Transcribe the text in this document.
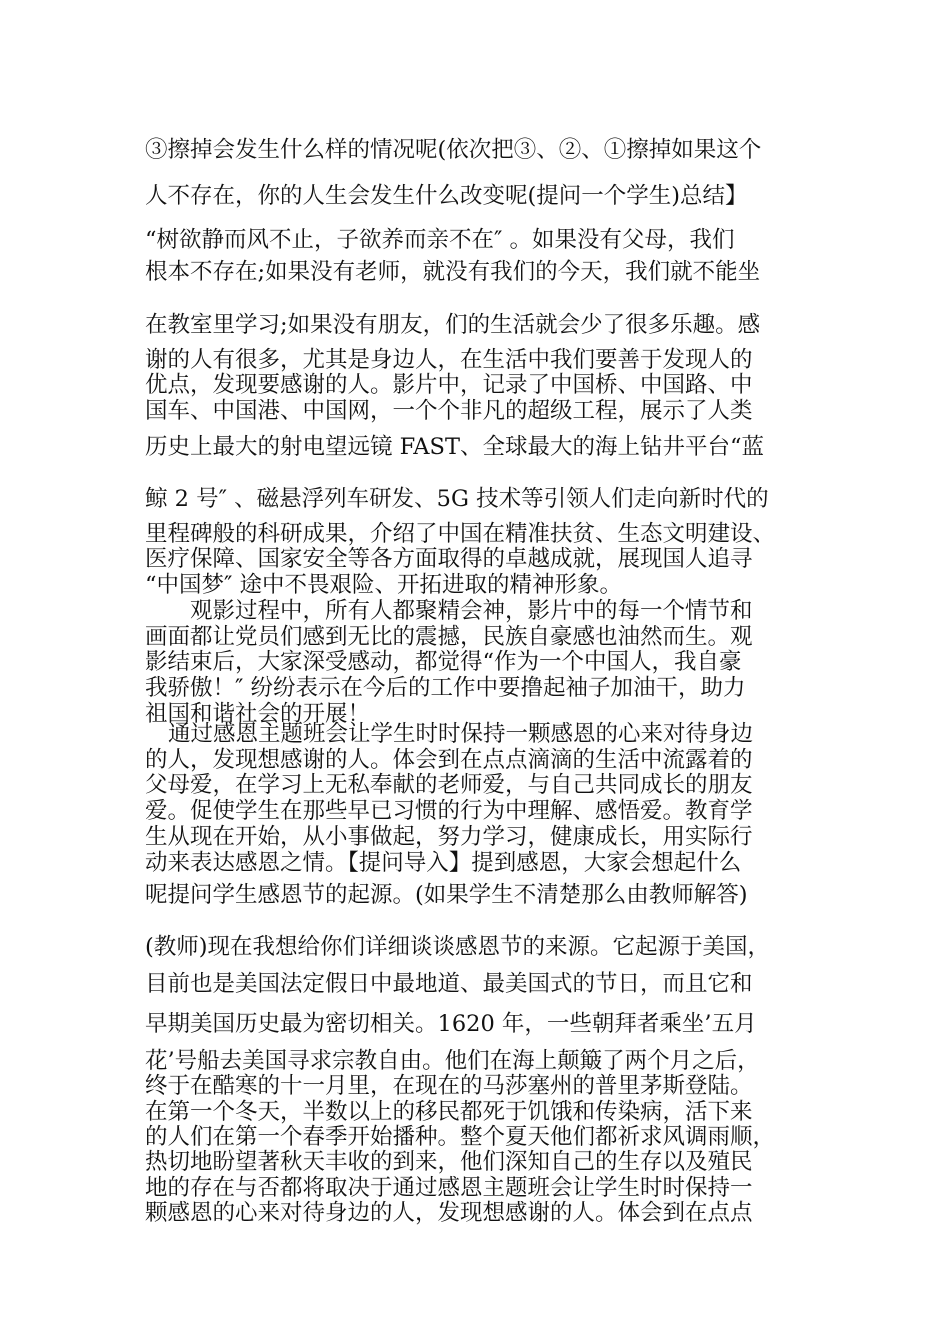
③擦掉会发生什么样的情况呢(依次把③、②、①擦掉如果这个

人不存在，你的人生会发生什么改变呢(提问一个学生)总结】

“树欲静而风不止，子欲养而亲不在″ 。如果没有父母，我们

根本不存在;如果没有老师，就没有我们的今天，我们就不能坐

在教室里学习;如果没有朋友，们的生活就会少了很多乐趣。感

谢的人有很多，尤其是身边人，在生活中我们要善于发现人的

优点，发现要感谢的人。影片中，记录了中国桥、中国路、中

国车、中国港、中国网，一个个非凡的超级工程，展示了人类

历史上最大的射电望远镜 FAST、全球最大的海上钻井平台“蓝

鲸 2 号″ 、磁悬浮列车研发、5G 技术等引领人们走向新时代的

里程碑般的科研成果，介绍了中国在精准扶贫、生态文明建设、

医疗保障、国家安全等各方面取得的卓越成就，展现国人追寻

“中国梦″ 途中不畏艰险、开拓进取的精神形象。

观影过程中，所有人都聚精会神，影片中的每一个情节和

画面都让党员们感到无比的震撼，民族自豪感也油然而生。观

影结束后，大家深受感动，都觉得“作为一个中国人，我自豪

我骄傲！″ 纷纷表示在今后的工作中要撸起袖子加油干，助力

祖国和谐社会的开展！

通过感恩主题班会让学生时时保持一颗感恩的心来对待身边

的人，发现想感谢的人。体会到在点点滴滴的生活中流露着的

父母爱，在学习上无私奉献的老师爱，与自己共同成长的朋友

爱。促使学生在那些早已习惯的行为中理解、感悟爱。教育学

生从现在开始，从小事做起，努力学习，健康成长，用实际行

动来表达感恩之情。【提问导入】提到感恩，大家会想起什么

呢提问学生感恩节的起源。(如果学生不清楚那么由教师解答)

(教师)现在我想给你们详细谈谈感恩节的来源。它起源于美国，

目前也是美国法定假日中最地道、最美国式的节日，而且它和

早期美国历史最为密切相关。1620 年，一些朝拜者乘坐’五月

花’号船去美国寻求宗教自由。他们在海上颠簸了两个月之后，

终于在酷寒的十一月里，在现在的马莎塞州的普里茅斯登陆。

在第一个冬天，半数以上的移民都死于饥饿和传染病，活下来

的人们在第一个春季开始播种。整个夏天他们都祈求风调雨顺，

热切地盼望著秋天丰收的到来，他们深知自己的生存以及殖民

地的存在与否都将取决于通过感恩主题班会让学生时时保持一

颗感恩的心来对待身边的人，发现想感谢的人。体会到在点点
